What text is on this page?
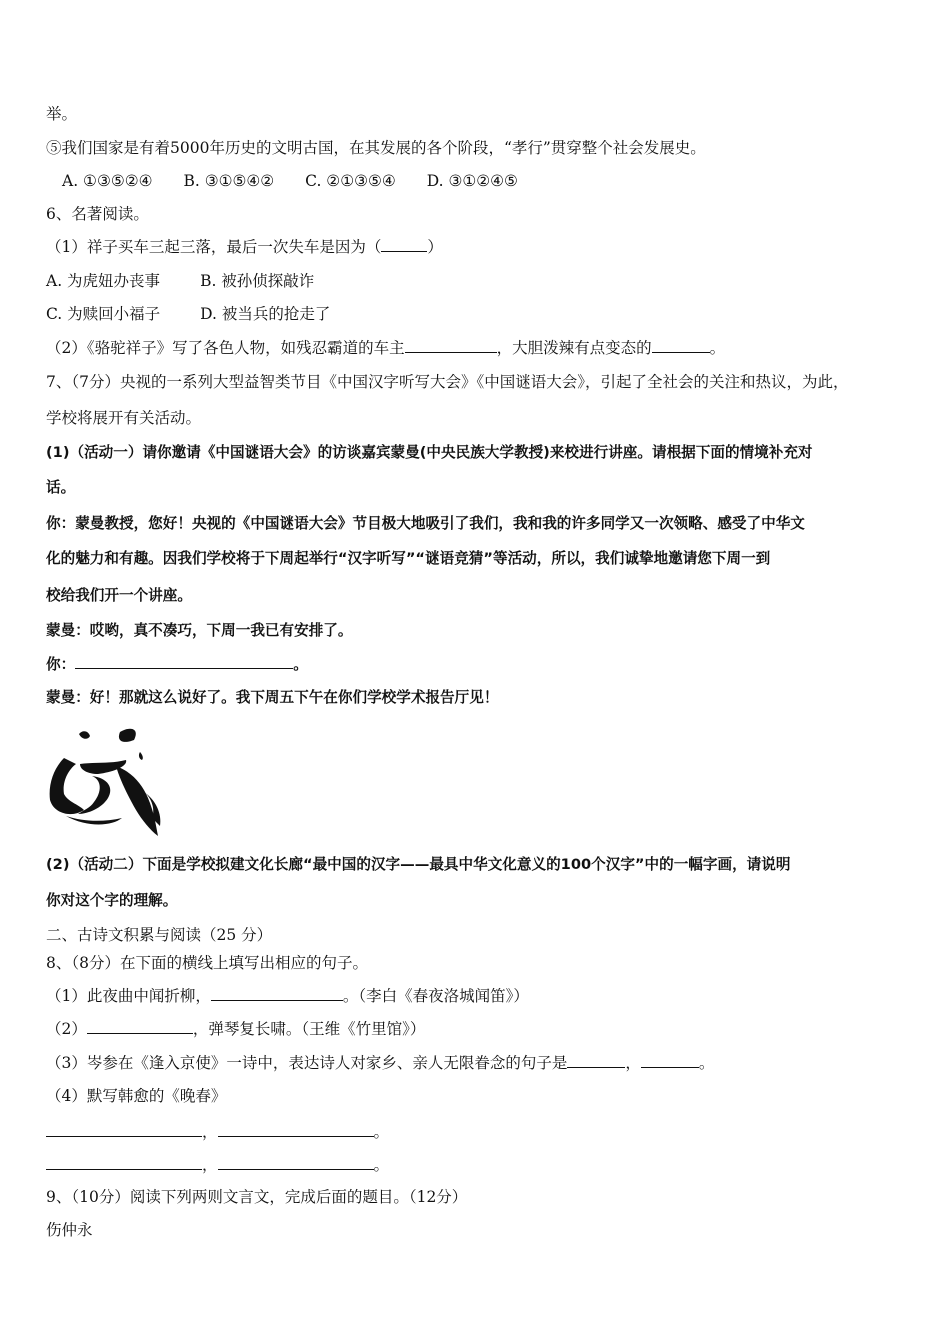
举。
⑤我们国家是有着5000年历史的文明古国，在其发展的各个阶段，“孝行”贯穿整个社会发展史。
A. ①③⑤②④ B. ③①⑤④② C. ②①③⑤④ D. ③①②④⑤
6、名著阅读。
（1）祥子买车三起三落，最后一次失车是因为（	）
A. 为虎妞办丧事	B. 被孙侦探敲诈
C. 为赎回小福子	D. 被当兵的抢走了
（2）《骆驼祥子》写了各色人物，如残忍霸道的车主	，大胆泼辣有点变态的	。
7、（7分）央视的一系列大型益智类节目《中国汉字听写大会》《中国谜语大会》，引起了全社会的关注和热议，为此，
学校将展开有关活动。
(1)（活动一）请你邀请《中国谜语大会》的访谈嘉宾蒙曼(中央民族大学教授)来校进行讲座。请根据下面的情境补充对
话。
你：蒙曼教授，您好！央视的《中国谜语大会》节目极大地吸引了我们，我和我的许多同学又一次领略、感受了中华文
化的魅力和有趣。因我们学校将于下周起举行“汉字听写”“谜语竞猜”等活动，所以，我们诚挚地邀请您下周一到
校给我们开一个讲座。
蒙曼：哎哟，真不凑巧，下周一我已有安排了。
你：	。
蒙曼：好！那就这么说好了。我下周五下午在你们学校学术报告厅见！
(2)（活动二）下面是学校拟建文化长廊“最中国的汉字——最具中华文化意义的100个汉字”中的一幅字画，请说明
你对这个字的理解。
二、古诗文积累与阅读（25 分）
8、（8分）在下面的横线上填写出相应的句子。
（1）此夜曲中闻折柳，	。（李白《春夜洛城闻笛》）
（2）	，弹琴复长啸。（王维《竹里馆》）
（3）岑参在《逢入京使》一诗中，表达诗人对家乡、亲人无限眷念的句子是	，	。
（4）默写韩愈的《晚春》
，	。
，	。
9、（10分）阅读下列两则文言文，完成后面的题目。（12分）
伤仲永
